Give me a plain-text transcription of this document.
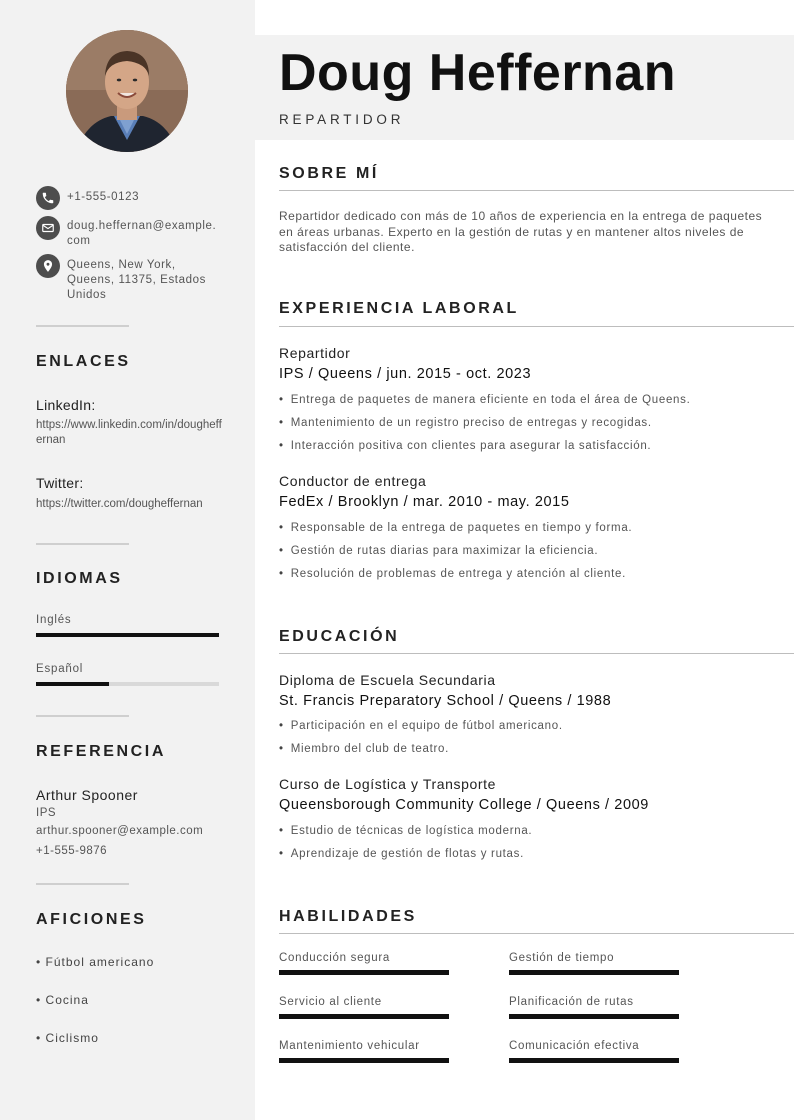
+1-555-0123
doug.heffernan@example.com
Queens, New York, Queens, 11375, Estados Unidos
ENLACES
LinkedIn:
https://www.linkedin.com/in/dougheffernan
Twitter:
https://twitter.com/dougheffernan
IDIOMAS
Inglés
Español
REFERENCIA
Arthur Spooner
IPS
arthur.spooner@example.com
+1-555-9876
AFICIONES
• Fútbol americano
• Cocina
• Ciclismo
Doug Heffernan
REPARTIDOR
SOBRE MÍ

Repartidor dedicado con más de 10 años de experiencia en la entrega de paquetes en áreas urbanas. Experto en la gestión de rutas y en mantener altos niveles de satisfacción del cliente.

EXPERIENCIA LABORAL
Repartidor
IPS / Queens / jun. 2015 - oct. 2023
• Entrega de paquetes de manera eficiente en toda el área de Queens.
• Mantenimiento de un registro preciso de entregas y recogidas.
• Interacción positiva con clientes para asegurar la satisfacción.
Conductor de entrega
FedEx / Brooklyn / mar. 2010 - may. 2015
• Responsable de la entrega de paquetes en tiempo y forma.
• Gestión de rutas diarias para maximizar la eficiencia.
• Resolución de problemas de entrega y atención al cliente.
EDUCACIÓN
Diploma de Escuela Secundaria
St. Francis Preparatory School / Queens / 1988
• Participación en el equipo de fútbol americano.
• Miembro del club de teatro.
Curso de Logística y Transporte
Queensborough Community College / Queens / 2009
• Estudio de técnicas de logística moderna.
• Aprendizaje de gestión de flotas y rutas.
HABILIDADES
Conducción segura	Gestión de tiempo
Servicio al cliente	Planificación de rutas
Mantenimiento vehicular	Comunicación efectiva
